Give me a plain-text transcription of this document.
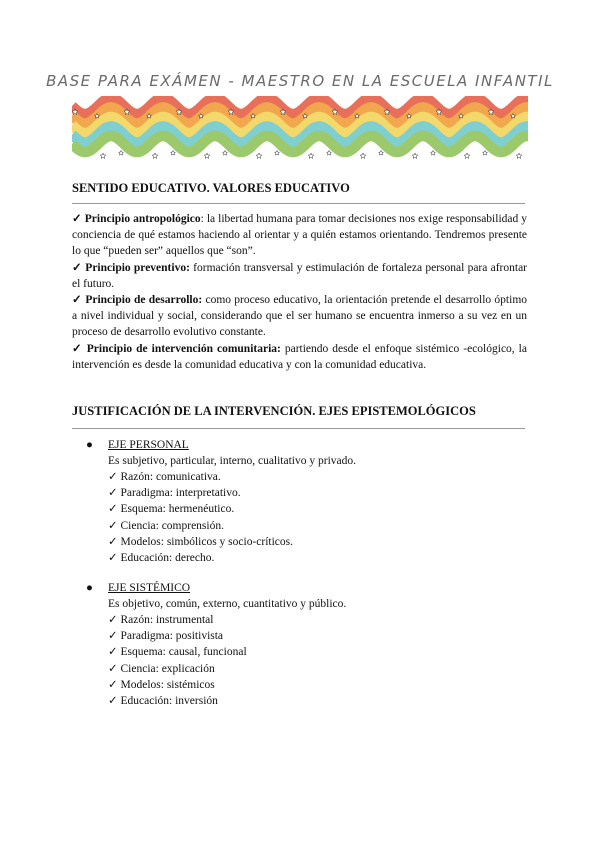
BASE PARA EXÁMEN - MAESTRO EN LA ESCUELA INFANTIL
SENTIDO EDUCATIVO. VALORES EDUCATIVO

✓ Principio antropológico: la libertad humana para tomar decisiones nos exige responsabilidad y conciencia de qué estamos haciendo al orientar y a quién estamos orientando. Tendremos presente lo que “pueden ser” aquellos que “son”.

✓ Principio preventivo: formación transversal y estimulación de fortaleza personal para afrontar el futuro.

✓ Principio de desarrollo: como proceso educativo, la orientación pretende el desarrollo óptimo a nivel individual y social, considerando que el ser humano se encuentra inmerso a su vez en un proceso de desarrollo evolutivo constante.

✓ Principio de intervención comunitaria: partiendo desde el enfoque sistémico -ecológico, la intervención es desde la comunidad educativa y con la comunidad educativa.

JUSTIFICACIÓN DE LA INTERVENCIÓN. EJES EPISTEMOLÓGICOS
● EJE PERSONAL
Es subjetivo, particular, interno, cualitativo y privado.
✓ Razón: comunicativa.
✓ Paradigma: interpretativo.
✓ Esquema: hermenéutico.
✓ Ciencia: comprensión.
✓ Modelos: simbólicos y socio-críticos.
✓ Educación: derecho.
● EJE SISTÉMICO
Es objetivo, común, externo, cuantitativo y público.
✓ Razón: instrumental
✓ Paradigma: positivista
✓ Esquema: causal, funcional
✓ Ciencia: explicación
✓ Modelos: sistémicos
✓ Educación: inversión
